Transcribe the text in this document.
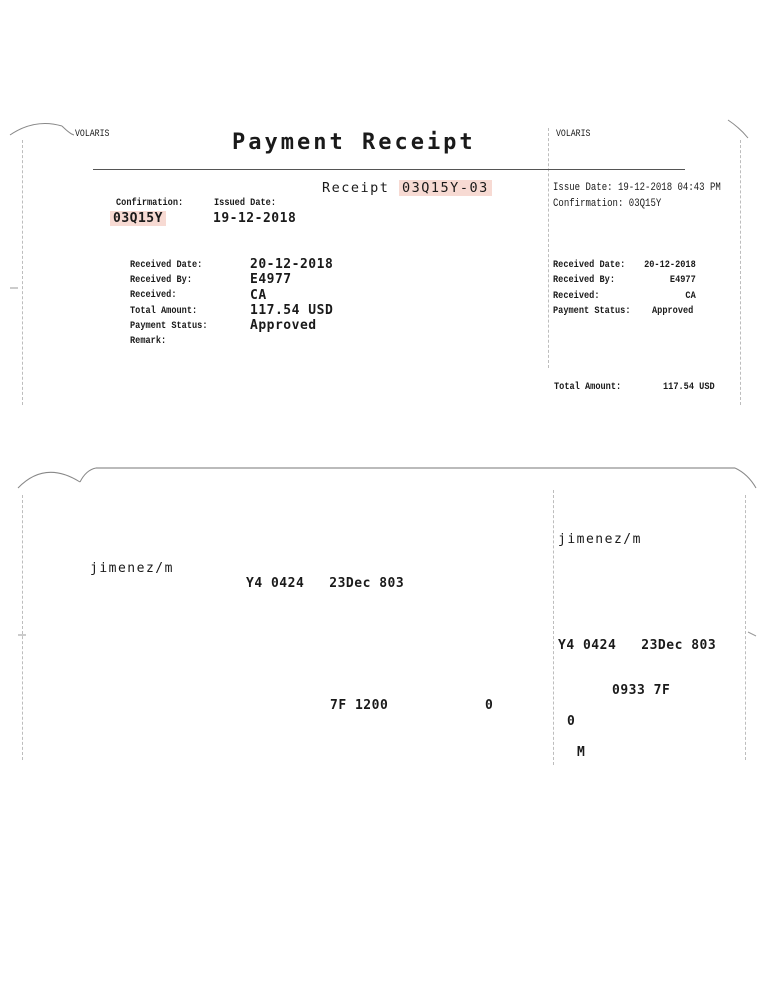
VOLARIS	Payment Receipt	VOLARIS
Receipt 03Q15Y-03
Confirmation:
03Q15Y
Issued Date:
19-12-2018
Received Date:	20-12-2018
Received By:	E4977
Received:	CA
Total Amount:	117.54 USD
Payment Status:	Approved
Remark:
Issue Date: 19-12-2018 04:43 PM
Confirmation: 03Q15Y
Received Date:	20-12-2018
Received By:	E4977
Received:	CA
Payment Status: Approved
Total Amount:	117.54 USD
jimenez/m
Y4 0424   23Dec 803
7F 1200	0
jimenez/m
Y4 0424   23Dec 803
0933 7F
0
M
